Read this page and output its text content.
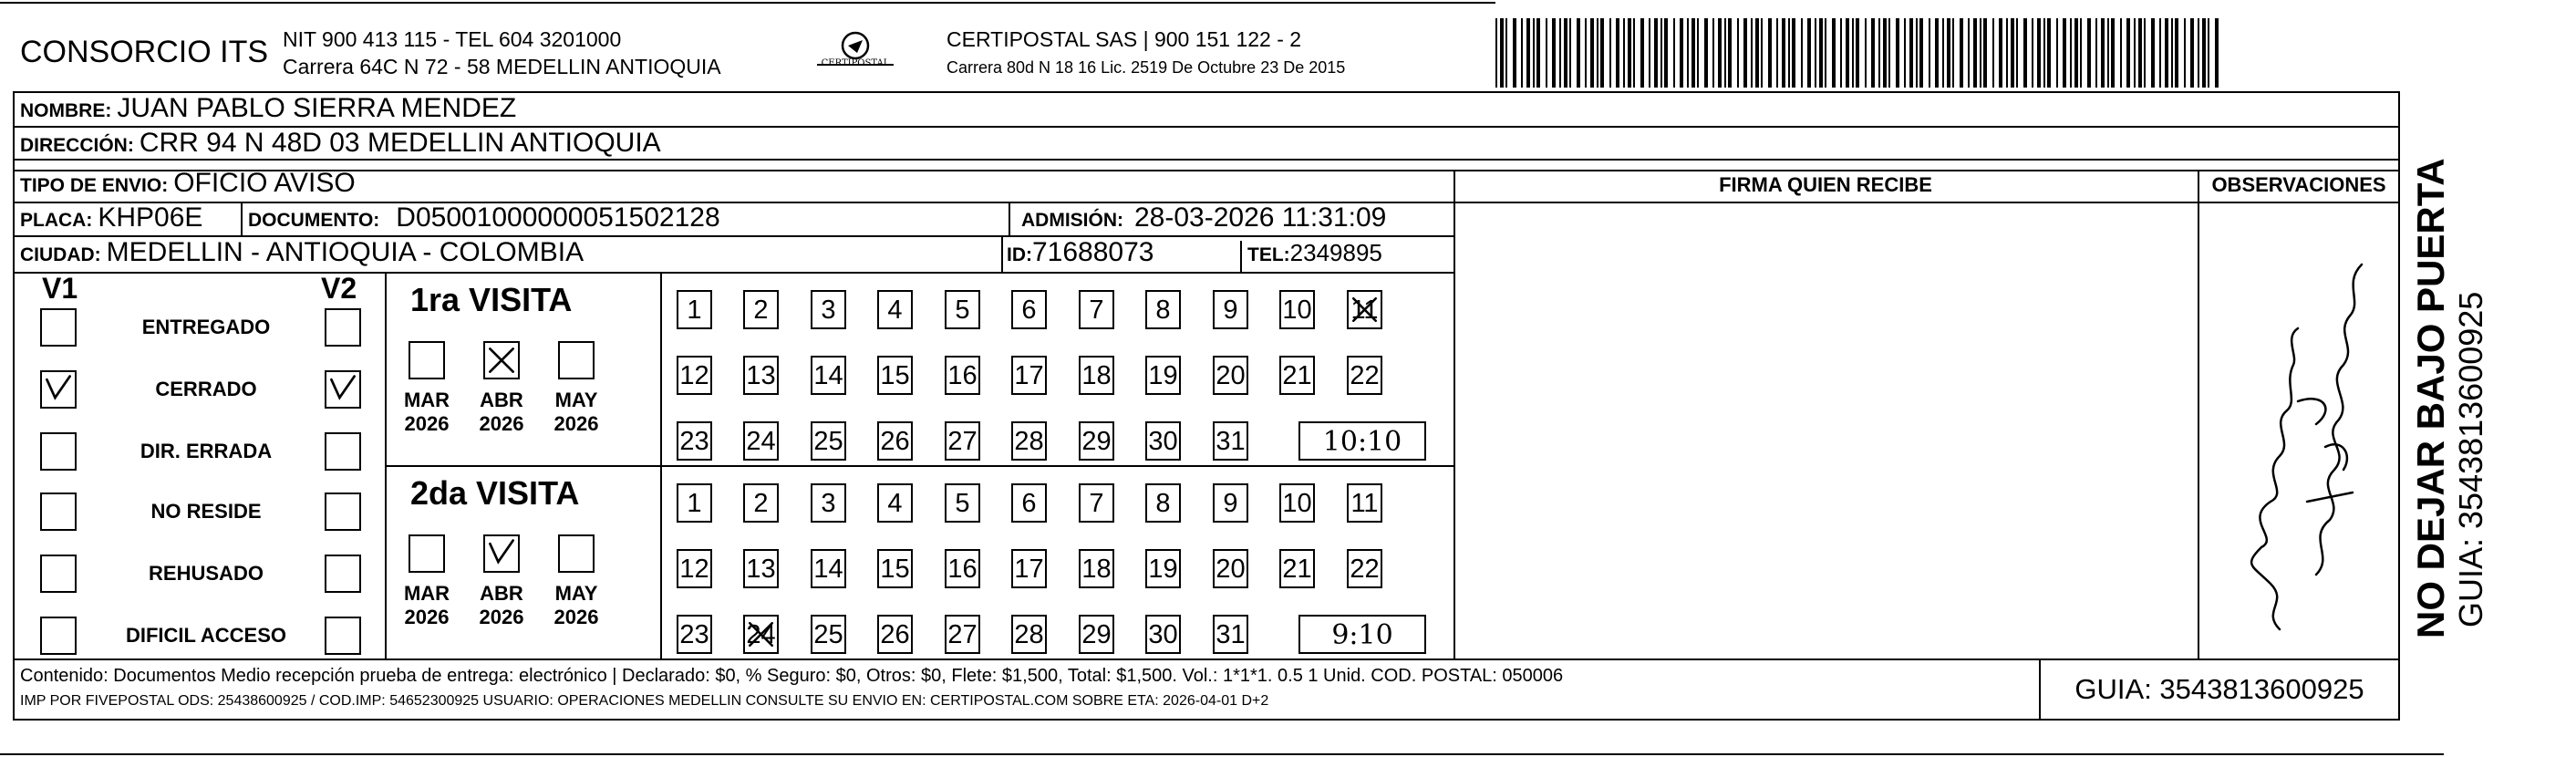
CONSORCIO ITS NIT 900 413 115 - TEL 604 3201000
Carrera 64C N 72 - 58 MEDELLIN ANTIOQUIA	CERTIPOSTAL
CERTIPOSTAL SAS | 900 151 122 - 2
Carrera 80d N 18 16 Lic. 2519 De Octubre 23 De 2015
NOMBRE: JUAN PABLO SIERRA MENDEZ
DIRECCIÓN: CRR 94 N 48D 03 MEDELLIN ANTIOQUIA
TIPO DE ENVIO: OFICIO AVISO
PLACA: KHP06E DOCUMENTO: D05001000000051502128	ADMISIÓN: 28-03-2026 11:31:09
CIUDAD: MEDELLIN - ANTIOQUIA - COLOMBIA	ID: 71688073	TEL: 2349895
FIRMA QUIEN RECIBE	OBSERVACIONES
V1	V2
ENTREGADO
CERRADO
DIR. ERRADA
NO RESIDE
REHUSADO
DIFICIL ACCESO
1ra VISITA
MAR
2026
ABR
2026
MAY
2026
1	2	3	4	5	6	7	8	9	10 11
12 13 14 15 16 17 18 19 20 21 22
23 24 25 26 27 28 29 30 31	10:10
2da VISITA
MAR
2026
ABR
2026
MAY
2026
1	2	3	4	5	6	7	8	9	10 11
12 13 14 15 16 17 18 19 20 21 22
23 24 25 26 27 28 29 30 31	9:10
Contenido: Documentos Medio recepción prueba de entrega: electrónico | Declarado: $0, % Seguro: $0, Otros: $0, Flete: $1,500, Total: $1,500. Vol.: 1*1*1. 0.5 1 Unid. COD. POSTAL: 050006
IMP POR FIVEPOSTAL ODS: 25438600925 / COD.IMP: 54652300925 USUARIO: OPERACIONES MEDELLIN CONSULTE SU ENVIO EN: CERTIPOSTAL.COM SOBRE ETA: 2026-04-01 D+2	GUIA: 3543813600925
NO DEJAR BAJO PUERTA GUIA: 3543813600925
